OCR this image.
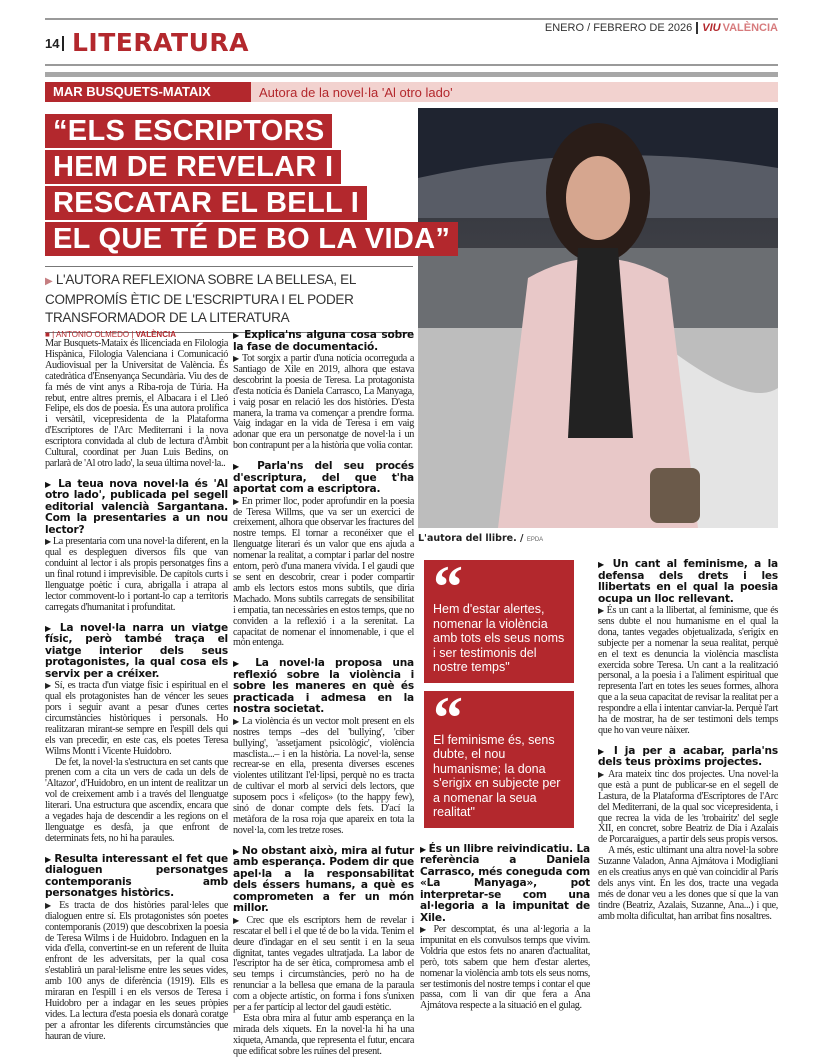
14 LITERATURA	ENERO / FEBRERO DE 2026 VIU VALÈNCIA
MAR BUSQUETS-MATAIX	Autora de la novel·la 'Al otro lado'
“ELS ESCRIPTORS
HEM DE REVELAR I
RESCATAR EL BELL I
EL QUE TÉ DE BO LA VIDA”
▶ L'AUTORA REFLEXIONA SOBRE LA BELLESA, EL COMPROMÍS ÈTIC DE L'ESCRIPTURA I EL PODER TRANSFORMADOR DE LA LITERATURA
L'autora del llibre. / EPDA
■ | ANTONIO OLMEDO | VALÈNCIA

Mar Busquets-Mataix és llicenciada en Filologia Hispànica, Filologia Valenciana i Comunicació Audiovisual per la Universitat de València. És catedràtica d'Ensenyança Secundària. Viu des de fa més de vint anys a Riba-roja de Túria. Ha rebut, entre altres premis, el Albacara i el Lleó Felipe, els dos de poesia. És una autora prolífica i versàtil, vicepresidenta de la Plataforma d'Escriptores de l'Arc Mediterrani i la nova escriptora convidada al club de lectura d'Àmbit Cultural, coordinat per Juan Luis Bedins, on parlarà de 'Al otro lado', la seua última novel·la..

▶ La teua nova novel·la és 'Al otro lado', publicada pel segell editorial valencià Sargantana. Com la presentaries a un nou lector?

▶ La presentaria com una novel·la diferent, en la qual es despleguen diversos fils que van conduint al lector i als propis personatges fins a un final rotund i imprevisible. De capítols curts i llenguatge poètic i cura, abrigalla i atrapa al lector commovent-lo i portant-lo cap a territoris carregats d'humanitat i profunditat.

▶ La novel·la narra un viatge físic, però també traça el viatge interior dels seus protagonistes, la qual cosa els servix per a créixer.

▶ Sí, es tracta d'un viatge físic i espiritual en el qual els protagonistes han de véncer les seues pors i seguir avant a pesar d'unes certes circumstàncies històriques i personals. Ho realitzaran mirant-se sempre en l'espill dels qui els van precedir, en este cas, els poetes Teresa Wilms Montt i Vicente Huidobro.

De fet, la novel·la s'estructura en set cants que prenen com a cita un vers de cada un dels de 'Altazor', d'Huidobro, en un intent de realitzar un vol de creixement amb i a través del llenguatge literari. Una estructura que ascendix, encara que a vegades haja de descendir a les regions on el llenguatge es desfà, ja que enfront de determinats fets, no hi ha paraules.

▶ Resulta interessant el fet que dialoguen personatges contemporanis amb personatges històrics.

▶ Es tracta de dos històries paral·leles que dialoguen entre sí. Els protagonistes són poetes contemporanis (2019) que descobrixen la poesia de Teresa Wilms i de Huidobro. Indaguen en la vida d'ella, convertint-se en un referent de lluita enfront de les adversitats, per la qual cosa s'establirà un paral·lelisme entre les seues vides, amb 100 anys de diferència (1919). Ells es miraran en l'espill i en els versos de Teresa i Huidobro per a indagar en les seues pròpies vides. La lectura d'esta poesia els donarà coratge per a afrontar les diferents circumstàncies que hauran de viure.

▶ Explica'ns alguna cosa sobre la fase de documentació.

▶ Tot sorgix a partir d'una notícia ocorreguda a Santiago de Xile en 2019, alhora que estava descobrint la poesia de Teresa. La protagonista d'esta notícia és Daniela Carrasco, La Manyaga, i vaig posar en relació les dos històries. D'esta manera, la trama va començar a prendre forma. Vaig indagar en la vida de Teresa i em vaig adonar que era un personatge de novel·la i un bon contrapunt per a la història que volia contar.

▶ Parla'ns del seu procés d'escriptura, del que t'ha aportat com a escriptora.

▶ En primer lloc, poder aprofundir en la poesia de Teresa Willms, que va ser un exercici de creixement, alhora que observar les fractures del nostre temps. El tornar a reconéixer que el llenguatge literari és un valor que ens ajuda a nomenar la realitat, a comptar i parlar del nostre entorn, però d'una manera vívida. I el gaudi que se sent en descobrir, crear i poder compartir amb els lectors estos mons subtils, que diria Machado. Mons subtils carregats de sensibilitat i empatia, tan necessàries en estos temps, que no conviden a la reflexió i a la serenitat. La capacitat de nomenar el innomenable, i que el món entenga.

▶ La novel·la proposa una reflexió sobre la violència i sobre les maneres en què és practicada i admesa en la nostra societat.

▶ La violència és un vector molt present en els nostres temps –des del 'bullying', 'ciber bullying', 'assetjament psicològic', violència masclista...– i en la història. La novel·la, sense recrear-se en ella, presenta diverses escenes violentes utilitzant l'el·lipsi, perquè no es tracta de cultivar el morb al servici dels lectors, que suposem pocs i «feliços» (to the happy few), sinó de donar compte dels fets. D'ací la metàfora de la rosa roja que apareix en tota la novel·la, com les tretze roses.

▶ No obstant això, mira al futur amb esperança. Podem dir que apel·la a la responsabilitat dels éssers humans, a què es comprometen a fer un món millor.

▶ Crec que els escriptors hem de revelar i rescatar el bell i el que té de bo la vida. Tenim el deure d'indagar en el seu sentit i en la seua dignitat, tantes vegades ultratjada. La labor de l'escriptor ha de ser ètica, compromesa amb el seu temps i circumstàncies, però no ha de renunciar a la bellesa que emana de la paraula com a objecte artístic, on forma i fons s'unixen per a fer partícip al lector del gaudi estètic.

Esta obra mira al futur amb esperança en la mirada dels xiquets. En la novel·la hi ha una xiqueta, Amanda, que representa el futur, encara que edificat sobre les ruïnes del present.

“
Hem d'estar alertes, nomenar la violència amb tots els seus noms i ser testimonis del nostre temps"
“
El feminisme és, sens dubte, el nou humanisme; la dona s'erigix en subjecte per a nomenar la seua realitat"
▶ És un llibre reivindicatiu. La referència a Daniela Carrasco, més coneguda com «La Manyaga», pot interpretar-se com una al·legoria a la impunitat de Xile.

▶ Per descomptat, és una al·legoria a la impunitat en els convulsos temps que vivim. Voldria que estos fets no anaren d'actualitat, però, tots sabem que hem d'estar alertes, nomenar la violència amb tots els seus noms, ser testimonis del nostre temps i contar el que passa, com li van dir que fera a Ana Ajmátova respecte a la situació en el gulag.

▶ Un cant al feminisme, a la defensa dels drets i les llibertats en el qual la poesia ocupa un lloc rellevant.

▶ És un cant a la llibertat, al feminisme, que és sens dubte el nou humanisme en el qual la dona, tantes vegades objetualizada, s'erigix en subjecte per a nomenar la seua realitat, perquè en el text es denuncia la violència masclista exercida sobre Teresa. Un cant a la realització personal, a la poesia i a l'aliment espiritual que representa l'art en totes les seues formes, alhora que a la seua capacitat de revisar la realitat per a respondre a ella i intentar canviar-la. Perquè l'art ha de mostrar, ha de ser testimoni dels temps que ho van veure nàixer.

▶ I ja per a acabar, parla'ns dels teus pròxims projectes.

▶ Ara mateix tinc dos projectes. Una novel·la que està a punt de publicar-se en el segell de Lastura, de la Plataforma d'Escriptores de l'Arc del Mediterrani, de la qual soc vicepresidenta, i que recrea la vida de les 'trobairitz' del segle XII, en concret, sobre Beatriz de Dia i Azalais de Porcaraigues, a partir dels seus propis versos.

A més, estic ultimant una altra novel·la sobre Suzanne Valadon, Anna Ajmátova i Modigliani en els creatius anys en què van coincidir al París dels anys vint. En les dos, tracte una vegada més de donar veu a les dones que sí que la van tindre (Beatriz, Azalais, Suzanne, Ana...) i que, amb molta dificultat, han arribat fins nosaltres.
